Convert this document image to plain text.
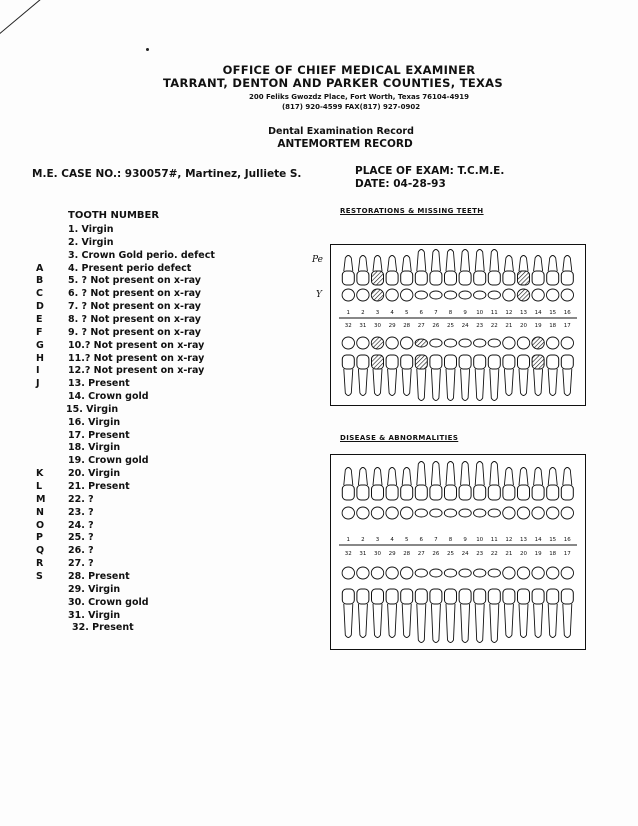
OFFICE OF CHIEF MEDICAL EXAMINER
TARRANT, DENTON AND PARKER COUNTIES, TEXAS
200 Feliks Gwozdz Place, Fort Worth, Texas 76104-4919
(817) 920-4599 FAX(817) 927-0902
Dental Examination Record
ANTEMORTEM RECORD
M.E. CASE NO.: 930057#, Martinez, Julliete S.	PLACE OF EXAM: T.C.M.E.
DATE: 04-28-93
TOOTH NUMBER
1. Virgin
2. Virgin
3. Crown Gold perio. defect
A	4. Present perio defect
B	5. ? Not present on x-ray
C	6. ? Not present on x-ray
D	7. ? Not present on x-ray
E	8. ? Not present on x-ray
F	9. ? Not present on x-ray
G	10.? Not present on x-ray
H	11.? Not present on x-ray
I	12.? Not present on x-ray
J	13. Present
14. Crown gold
15. Virgin
16. Virgin
17. Present
18. Virgin
19. Crown gold
K	20. Virgin
L	21. Present
M 22. ?
N	23. ?
O	24. ?
P	25. ?
Q	26. ?
R	27. ?
S	28. Present
29. Virgin
30. Crown gold
31. Virgin
32. Present
RESTORATIONS & MISSING TEETH
1 2 3 4 5 6 7 8 9 10 11 12 13 14 15 16
32 31 30 29 28 27 26 25 24 23 22 21 20 19 18 17
Pe
Y
DISEASE & ABNORMALITIES
1 2 3 4 5 6 7 8 9 10 11 12 13 14 15 16
32 31 30 29 28 27 26 25 24 23 22 21 20 19 18 17
